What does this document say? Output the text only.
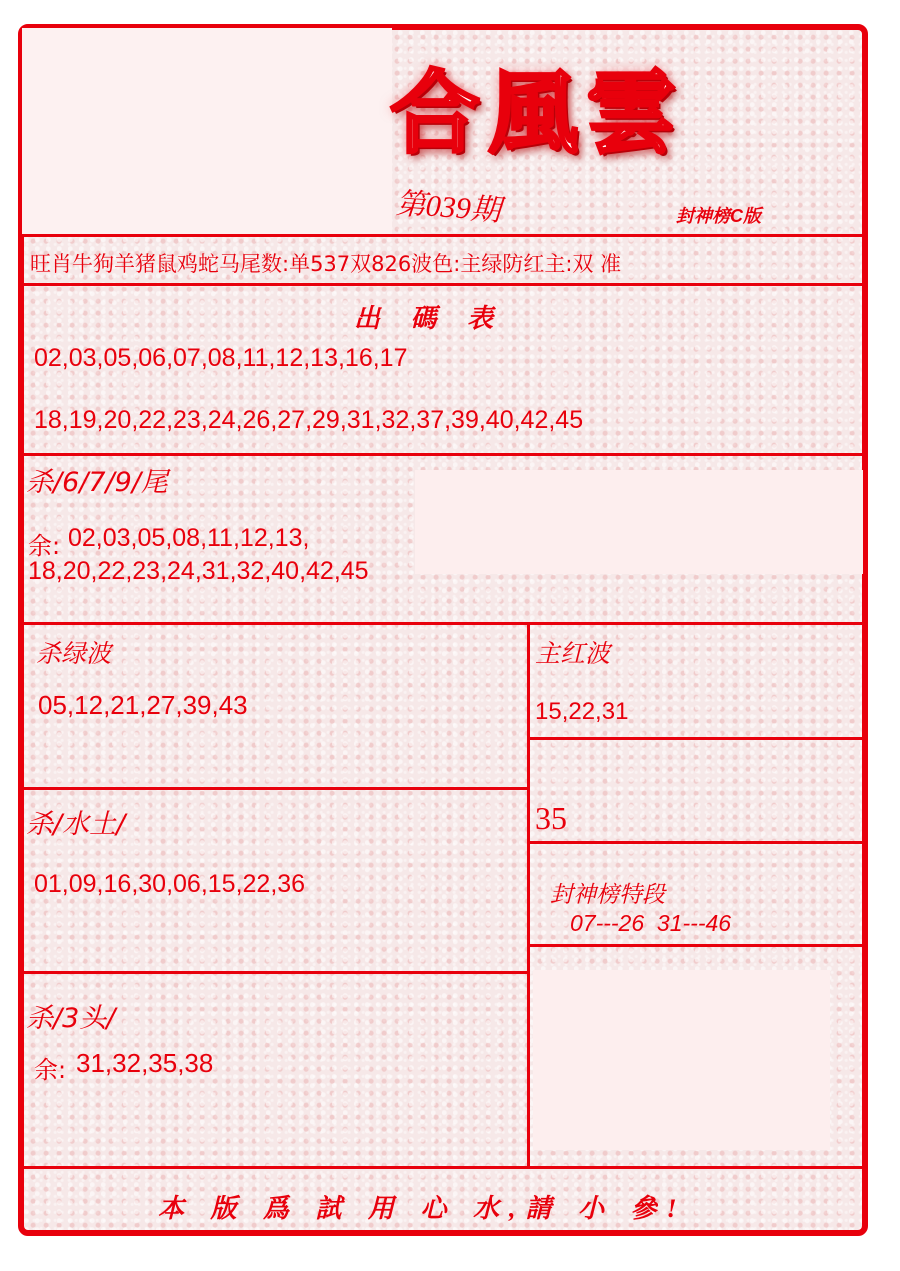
合風雲
第039期	封神榜C版
旺肖牛狗羊猪鼠鸡蛇马尾数:单537双826波色:主绿防红主:双 准
出 碼 表
02,03,05,06,07,08,11,12,13,16,17
18,19,20,22,23,24,26,27,29,31,32,37,39,40,42,45
杀/6/7/9/尾
余: 02,03,05,08,11,12,13,
18,20,22,23,24,31,32,40,42,45
杀绿波
05,12,21,27,39,43
主红波
15,22,31
35
杀/水土/
01,09,16,30,06,15,22,36	封神榜特段
07---26  31---46
杀/3头/
余: 31,32,35,38
本 版 爲 試 用 心 水,請 小 參!
